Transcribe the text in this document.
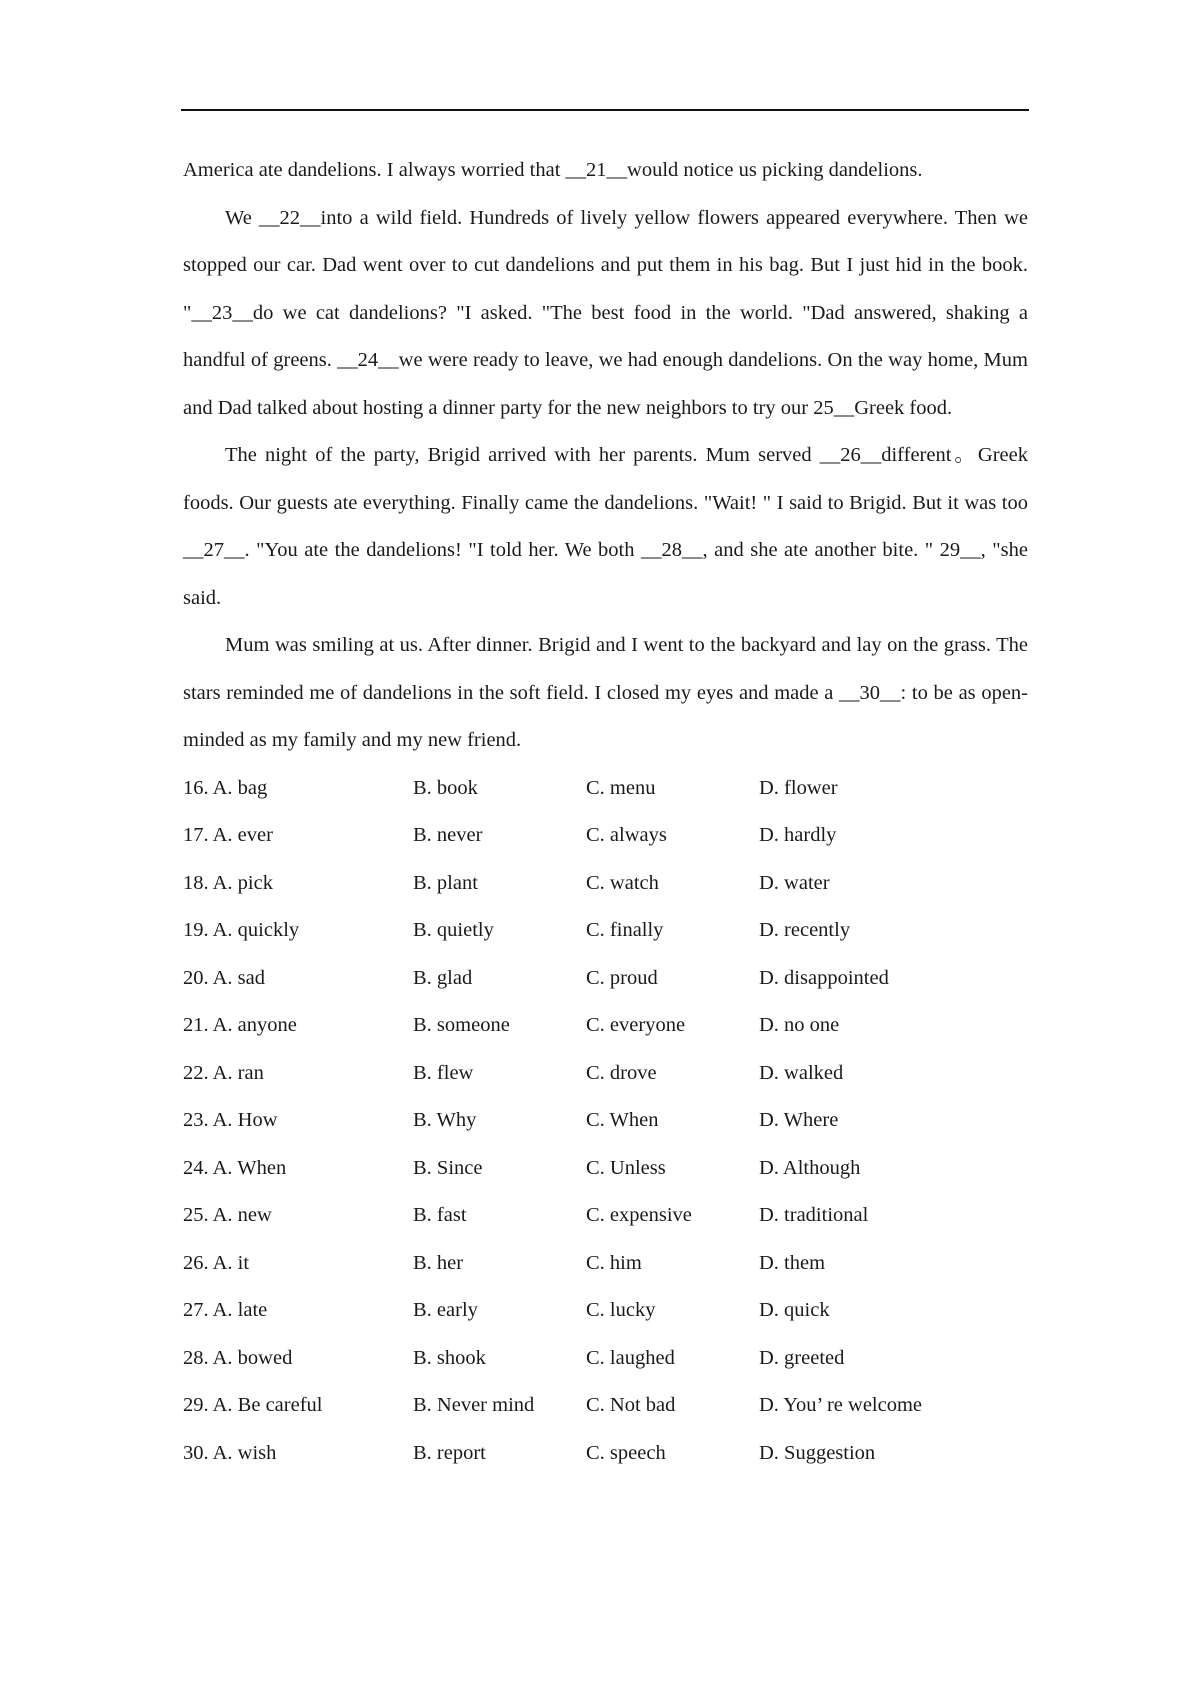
America ate dandelions. I always worried that __21__would notice us picking dandelions.

We __22__into a wild field. Hundreds of lively yellow flowers appeared everywhere. Then we stopped our car. Dad went over to cut dandelions and put them in his bag. But I just hid in the book. "__23__do we cat dandelions? "I asked. "The best food in the world. "Dad answered, shaking a handful of greens. __24__we were ready to leave, we had enough dandelions. On the way home, Mum and Dad talked about hosting a dinner party for the new neighbors to try our 25__Greek food.

The night of the party, Brigid arrived with her parents. Mum served __26__different。Greek foods. Our guests ate everything. Finally came the dandelions. "Wait! " I said to Brigid. But it was too __27__. "You ate the dandelions! "I told her. We both __28__, and she ate another bite. " 29__, "she said.

Mum was smiling at us. After dinner. Brigid and I went to the backyard and lay on the grass. The stars reminded me of dandelions in the soft field. I closed my eyes and made a __30__: to be as open-minded as my family and my new friend.

16. A. bag	B. book	C. menu	D. flower
17. A. ever	B. never	C. always	D. hardly
18. A. pick	B. plant	C. watch	D. water
19. A. quickly	B. quietly	C. finally	D. recently
20. A. sad	B. glad	C. proud	D. disappointed
21. A. anyone	B. someone	C. everyone	D. no one
22. A. ran	B. flew	C. drove	D. walked
23. A. How	B. Why	C. When	D. Where
24. A. When	B. Since	C. Unless	D. Although
25. A. new	B. fast	C. expensive	D. traditional
26. A. it	B. her	C. him	D. them
27. A. late	B. early	C. lucky	D. quick
28. A. bowed	B. shook	C. laughed	D. greeted
29. A. Be careful	B. Never mind	C. Not bad	D. You’ re welcome
30. A. wish	B. report	C. speech	D. Suggestion
